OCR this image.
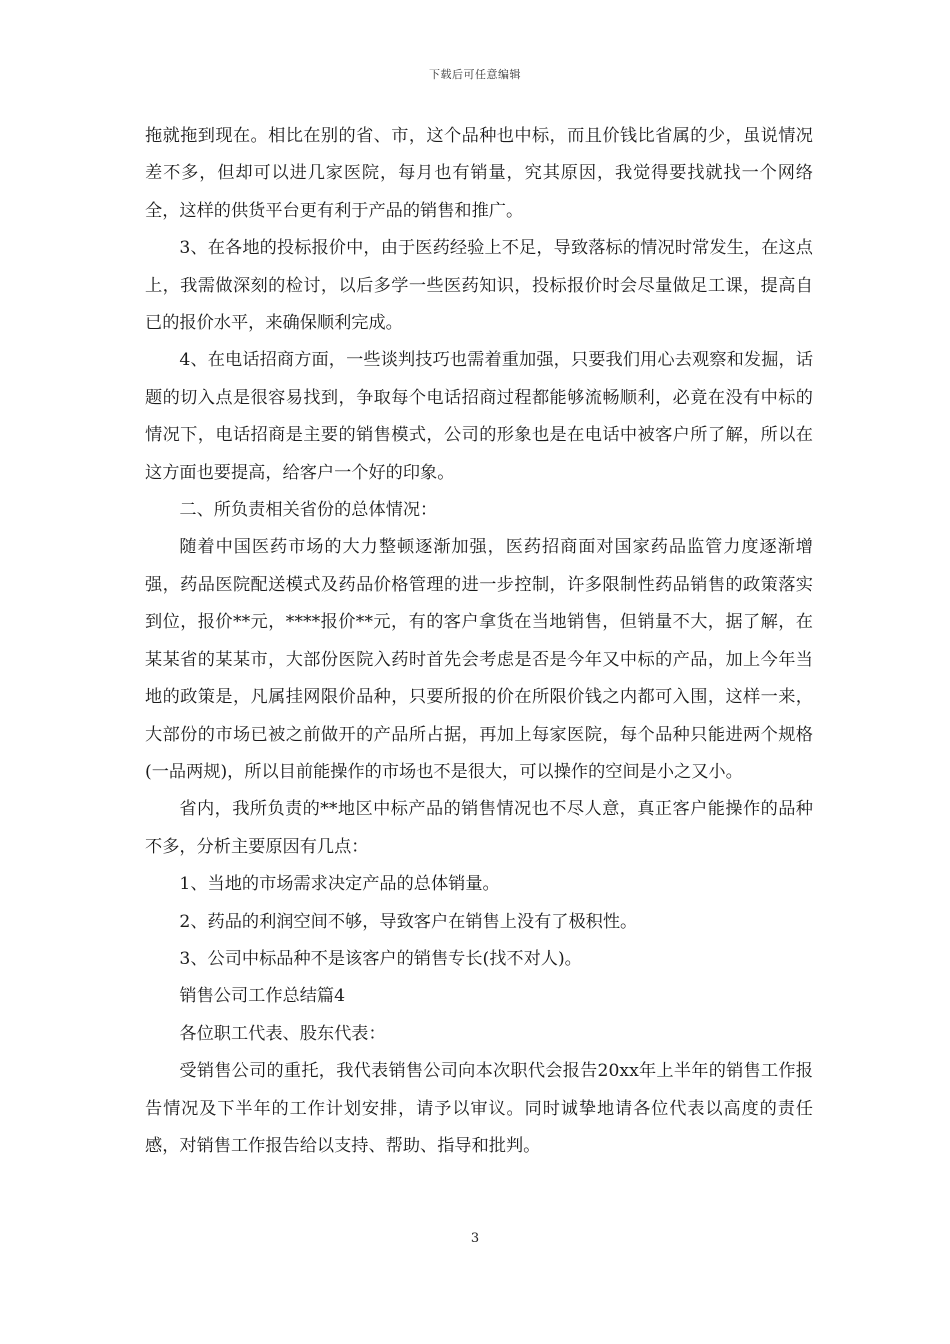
下载后可任意编辑

拖就拖到现在。相比在别的省、市，这个品种也中标，而且价钱比省属的少，虽说情况差不多，但却可以进几家医院，每月也有销量，究其原因，我觉得要找就找一个网络全，这样的供货平台更有利于产品的销售和推广。

3、在各地的投标报价中，由于医药经验上不足，导致落标的情况时常发生，在这点上，我需做深刻的检讨，以后多学一些医药知识，投标报价时会尽量做足工课，提高自已的报价水平，来确保顺利完成。

4、在电话招商方面，一些谈判技巧也需着重加强，只要我们用心去观察和发掘，话题的切入点是很容易找到，争取每个电话招商过程都能够流畅顺利，必竟在没有中标的情况下，电话招商是主要的销售模式，公司的形象也是在电话中被客户所了解，所以在这方面也要提高，给客户一个好的印象。

二、所负责相关省份的总体情况：

随着中国医药市场的大力整顿逐渐加强，医药招商面对国家药品监管力度逐渐增强，药品医院配送模式及药品价格管理的进一步控制，许多限制性药品销售的政策落实到位，报价**元，****报价**元，有的客户拿货在当地销售，但销量不大，据了解，在某某省的某某市，大部份医院入药时首先会考虑是否是今年又中标的产品，加上今年当地的政策是，凡属挂网限价品种，只要所报的价在所限价钱之内都可入围，这样一来，大部份的市场已被之前做开的产品所占据，再加上每家医院，每个品种只能进两个规格(一品两规)，所以目前能操作的市场也不是很大，可以操作的空间是小之又小。

省内，我所负责的**地区中标产品的销售情况也不尽人意，真正客户能操作的品种不多，分析主要原因有几点：

1、当地的市场需求决定产品的总体销量。

2、药品的利润空间不够，导致客户在销售上没有了极积性。

3、公司中标品种不是该客户的销售专长(找不对人)。

销售公司工作总结篇4

各位职工代表、股东代表：

受销售公司的重托，我代表销售公司向本次职代会报告20xx年上半年的销售工作报告情况及下半年的工作计划安排，请予以审议。同时诚挚地请各位代表以高度的责任感，对销售工作报告给以支持、帮助、指导和批判。

3
